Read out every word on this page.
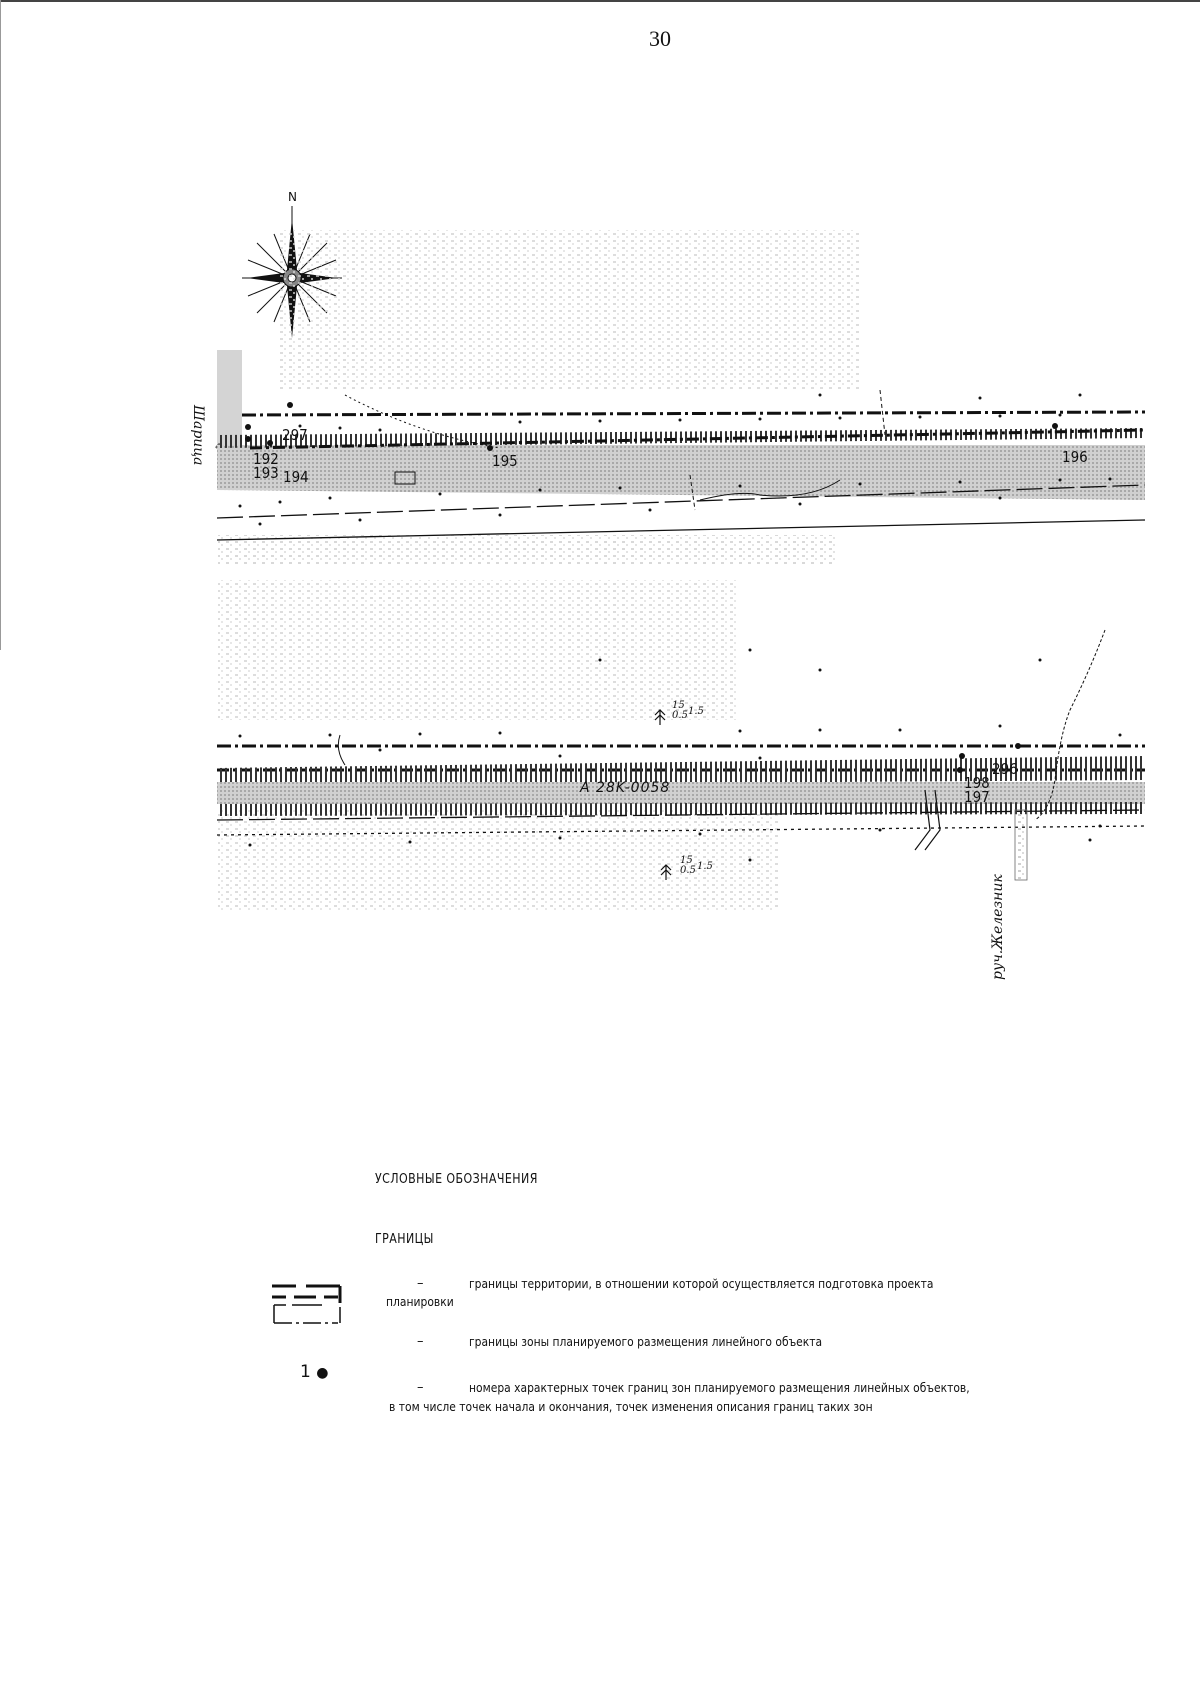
30
N
297
192
193 194
195	196
296
198
197
Шарица
руч.Железник
A 28K-0058
15
0.5 1.5
15
0.5 1.5
УСЛОВНЫЕ ОБОЗНАЧЕНИЯ
ГРАНИЦЫ
–	границы территории, в отношении которой осуществляется подготовка проекта
планировки
–	границы зоны планируемого размещения линейного объекта
1 ●
–	номера характерных точек границ зон планируемого размещения линейных объектов,
в том числе точек начала и окончания, точек изменения описания границ таких зон
